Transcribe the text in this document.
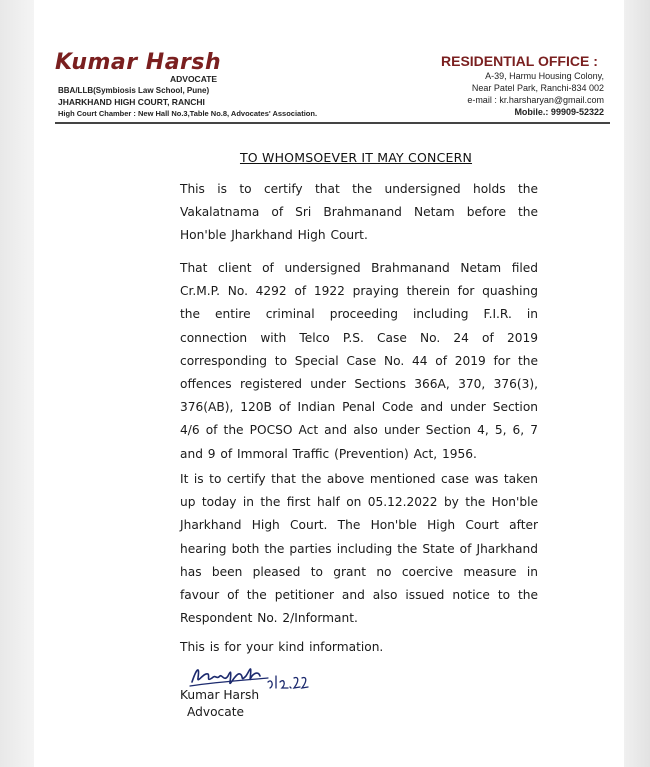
Kumar Harsh
ADVOCATE
BBA/LLB(Symbiosis Law School, Pune)
JHARKHAND HIGH COURT, RANCHI
High Court Chamber : New Hall No.3,Table No.8, Advocates' Association.
RESIDENTIAL OFFICE :
A-39, Harmu Housing Colony,
Near Patel Park, Ranchi-834 002
e-mail : kr.harsharyan@gmail.com
Mobile.: 99909-52322
TO WHOMSOEVER IT MAY CONCERN
This is to certify that the undersigned holds the Vakalatnama of Sri Brahmanand Netam before the Hon'ble Jharkhand High Court.
That client of undersigned Brahmanand Netam filed Cr.M.P. No. 4292 of 1922 praying therein for quashing the entire criminal proceeding including F.I.R. in connection with Telco P.S. Case No. 24 of 2019 corresponding to Special Case No. 44 of 2019 for the offences registered under Sections 366A, 370, 376(3), 376(AB), 120B of Indian Penal Code and under Section 4/6 of the POCSO Act and also under Section 4, 5, 6, 7 and 9 of Immoral Traffic (Prevention) Act, 1956.
It is to certify that the above mentioned case was taken up today in the first half on 05.12.2022 by the Hon'ble Jharkhand High Court. The Hon'ble High Court after hearing both the parties including the State of Jharkhand has been pleased to grant no coercive measure in favour of the petitioner and also issued notice to the Respondent No. 2/Informant.
This is for your kind information.
Kumar Harsh
Advocate
